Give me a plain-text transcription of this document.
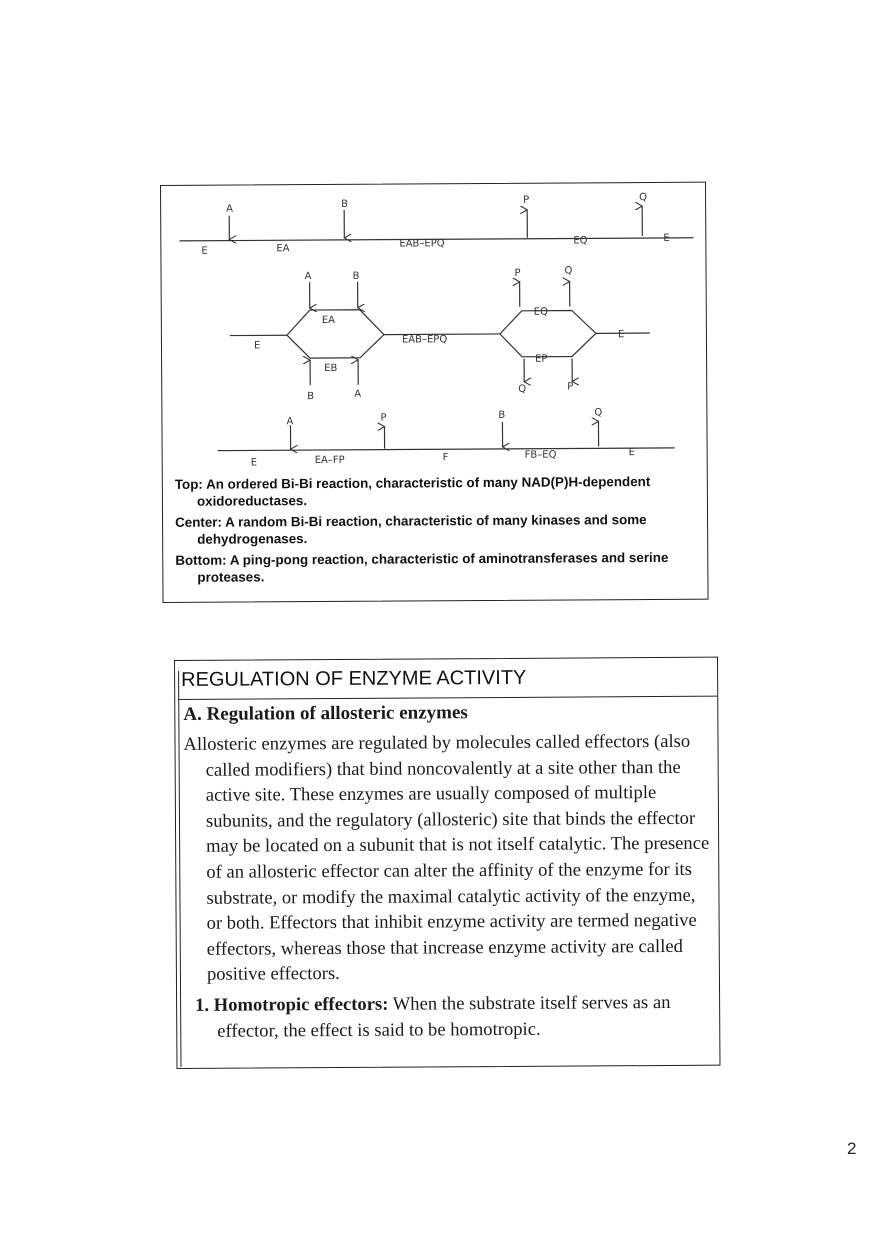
A	B	P	Q
E	EA	EAB–EPQ	EQ	E
A	B	P	Q
E
EA
EB
EAB–EPQ
EQ
EP
E
B	A	Q	P
A	P	B	Q
E	EA–FP	F	FB–EQ	E

Top: An ordered Bi-Bi reaction, characteristic of many NAD(P)H-dependent oxidoreductases.

Center: A random Bi-Bi reaction, characteristic of many kinases and some dehydrogenases.

Bottom: A ping-pong reaction, characteristic of aminotransferases and serine proteases.

REGULATION OF ENZYME ACTIVITY
A. Regulation of allosteric enzymes

Allosteric enzymes are regulated by molecules called effectors (also called modifiers) that bind noncovalently at a site other than the active site. These enzymes are usually composed of multiple subunits, and the regulatory (allosteric) site that binds the effector may be located on a subunit that is not itself catalytic. The presence of an allosteric effector can alter the affinity of the enzyme for its substrate, or modify the maximal catalytic activity of the enzyme, or both. Effectors that inhibit enzyme activity are termed negative effectors, whereas those that increase enzyme activity are called positive effectors.

1. Homotropic effectors: When the substrate itself serves as an effector, the effect is said to be homotropic.

2
